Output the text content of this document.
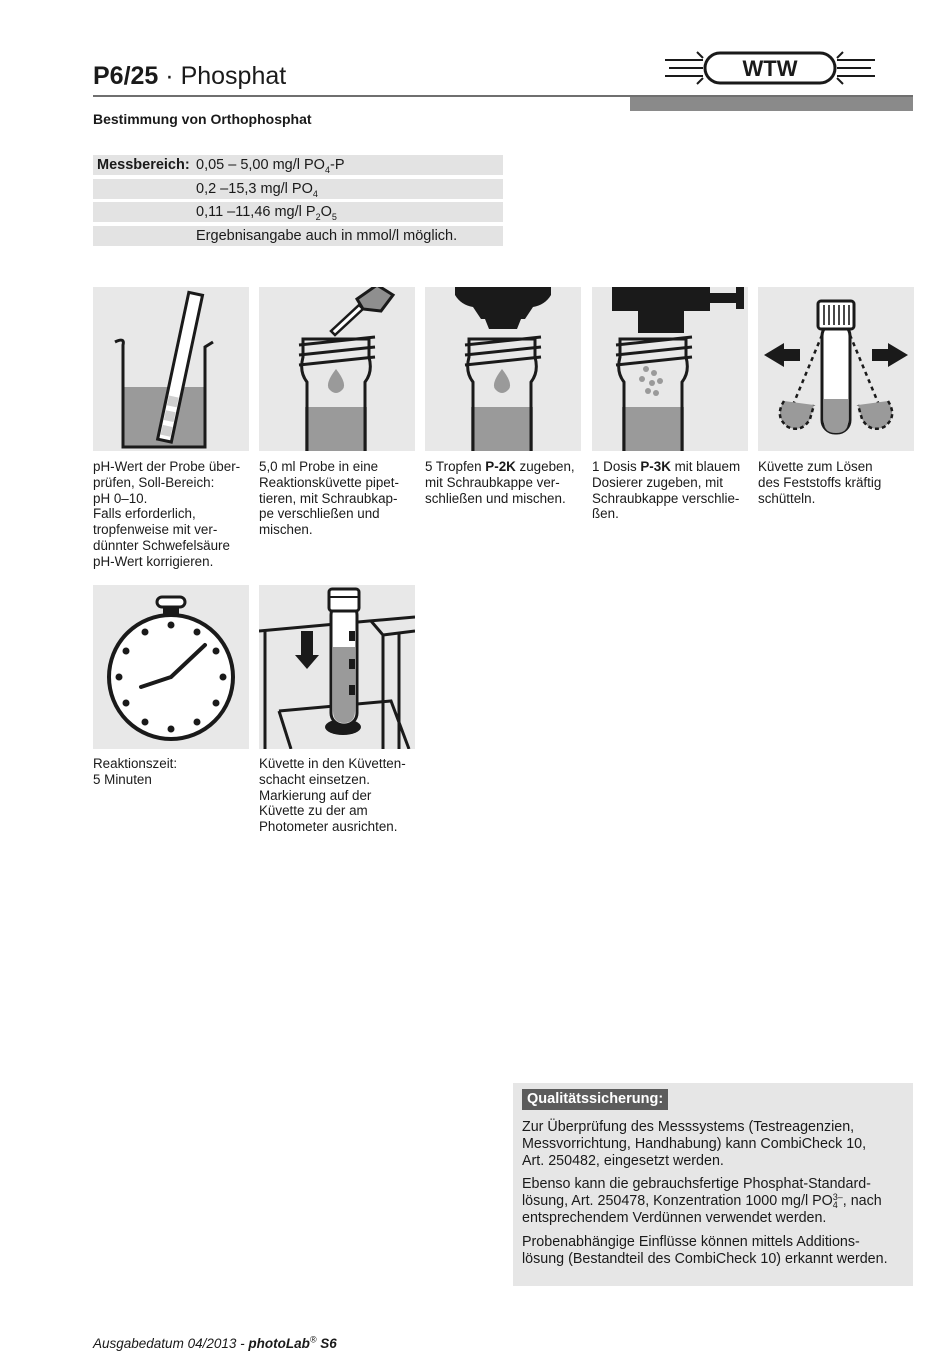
P6/25 · Phosphat	WTW
Bestimmung von Orthophosphat
Messbereich: 0,05 – 5,00 mg/l $PO_4-P$
0,2 –15,3 mg/l $PO_4$
0,11 –11,46 mg/l $P_2O_5$
Ergebnisangabe auch in mmol/l möglich.
pH-Wert der Probe über-
prüfen, Soll-Bereich:
pH 0–10.
Falls erforderlich,
tropfenweise mit ver-
dünnter Schwefelsäure
pH-Wert korrigieren.
5,0 ml Probe in eine
Reaktionsküvette pipet-
tieren, mit Schraubkap-
pe verschließen und
mischen.
5 Tropfen P-2K zugeben,
mit Schraubkappe ver-
schließen und mischen.
1 Dosis P-3K mit blauem
Dosierer zugeben, mit
Schraubkappe verschlie-
ßen.
Küvette zum Lösen
des Feststoffs kräftig
schütteln.
Reaktionszeit:
5 Minuten
Küvette in den Küvetten-
schacht einsetzen.
Markierung auf der
Küvette zu der am
Photometer ausrichten.
Qualitätssicherung:
Zur Überprüfung des Messsystems (Testreagenzien,
Messvorrichtung, Handhabung) kann CombiCheck 10,
Art. 250482, eingesetzt werden.
Ebenso kann die gebrauchsfertige Phosphat-Standard-
lösung, Art. 250478, Konzentration 1000 mg/l PO 3–
4 , nach
entsprechendem Verdünnen verwendet werden.
Probenabhängige Einflüsse können mittels Additions-
lösung (Bestandteil des CombiCheck 10) erkannt werden.
Ausgabedatum 04/2013 - photoLab® S6
